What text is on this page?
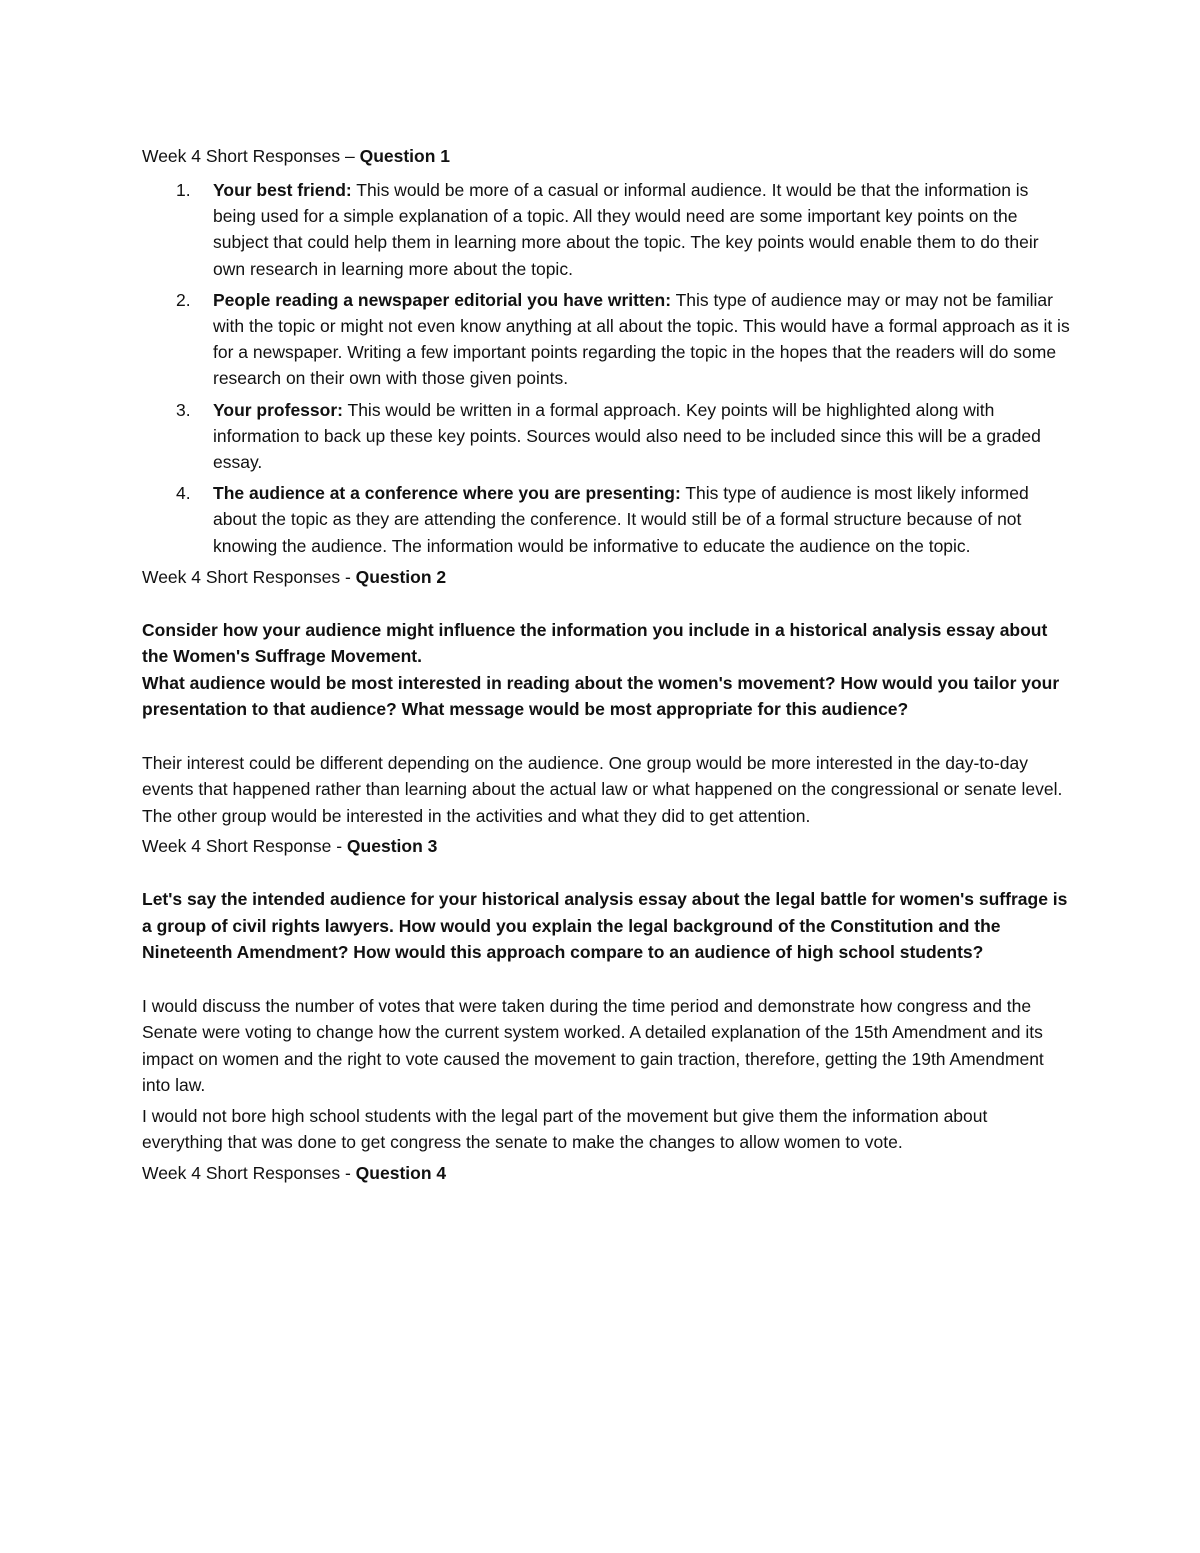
Week 4 Short Responses – Question 1

1. Your best friend: This would be more of a casual or informal audience. It would be that the information is being used for a simple explanation of a topic. All they would need are some important key points on the subject that could help them in learning more about the topic. The key points would enable them to do their own research in learning more about the topic.
2. People reading a newspaper editorial you have written: This type of audience may or may not be familiar with the topic or might not even know anything at all about the topic. This would have a formal approach as it is for a newspaper. Writing a few important points regarding the topic in the hopes that the readers will do some research on their own with those given points.
3. Your professor: This would be written in a formal approach. Key points will be highlighted along with information to back up these key points. Sources would also need to be included since this will be a graded essay.
4. The audience at a conference where you are presenting: This type of audience is most likely informed about the topic as they are attending the conference. It would still be of a formal structure because of not knowing the audience. The information would be informative to educate the audience on the topic.

Week 4 Short Responses - Question 2

Consider how your audience might influence the information you include in a historical analysis essay about the Women's Suffrage Movement.

What audience would be most interested in reading about the women's movement? How would you tailor your presentation to that audience? What message would be most appropriate for this audience?

Their interest could be different depending on the audience. One group would be more interested in the day-to-day events that happened rather than learning about the actual law or what happened on the congressional or senate level. The other group would be interested in the activities and what they did to get attention.

Week 4 Short Response - Question 3

Let's say the intended audience for your historical analysis essay about the legal battle for women's suffrage is a group of civil rights lawyers. How would you explain the legal background of the Constitution and the Nineteenth Amendment? How would this approach compare to an audience of high school students?

I would discuss the number of votes that were taken during the time period and demonstrate how congress and the Senate were voting to change how the current system worked. A detailed explanation of the 15th Amendment and its impact on women and the right to vote caused the movement to gain traction, therefore, getting the 19th Amendment into law.

I would not bore high school students with the legal part of the movement but give them the information about everything that was done to get congress the senate to make the changes to allow women to vote.

Week 4 Short Responses - Question 4
